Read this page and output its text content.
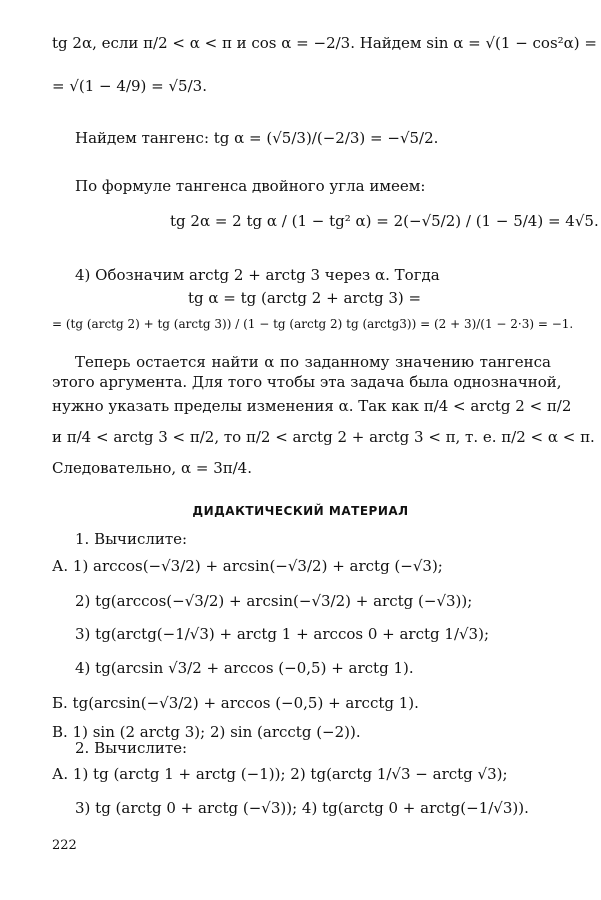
tg 2α, если π/2 < α < π и cos α = −2/3. Найдем sin α = √(1 − cos²α) =
= √(1 − 4/9) = √5/3.
Найдем тангенс: tg α = (√5/3)/(−2/3) = −√5/2.
По формуле тангенса двойного угла имеем:
tg 2α = 2 tg α / (1 − tg² α) = 2(−√5/2) / (1 − 5/4) = 4√5.
4) Обозначим arctg 2 + arctg 3 через α. Тогда
tg α = tg (arctg 2 + arctg 3) =
= (tg (arctg 2) + tg (arctg 3)) / (1 − tg (arctg 2) tg (arctg3)) = (2 + 3)/(1 − 2·3) = −1.
Теперь остается найти α по заданному значению тангенса
этого аргумента. Для того чтобы эта задача была однозначной,
нужно указать пределы изменения α. Так как π/4 < arctg 2 < π/2
и π/4 < arctg 3 < π/2, то π/2 < arctg 2 + arctg 3 < π, т. е. π/2 < α < π.
Следовательно, α = 3π/4.
ДИДАКТИЧЕСКИЙ МАТЕРИАЛ
1. Вычислите:
А. 1) arccos(−√3/2) + arcsin(−√3/2) + arctg (−√3);
2) tg(arccos(−√3/2) + arcsin(−√3/2) + arctg (−√3));
3) tg(arctg(−1/√3) + arctg 1 + arccos 0 + arctg 1/√3);
4) tg(arcsin √3/2 + arccos (−0,5) + arctg 1).
Б. tg(arcsin(−√3/2) + arccos (−0,5) + arcctg 1).
В. 1) sin (2 arctg 3); 2) sin (arcctg (−2)).
2. Вычислите:
А. 1) tg (arctg 1 + arctg (−1)); 2) tg(arctg 1/√3 − arctg √3);
3) tg (arctg 0 + arctg (−√3)); 4) tg(arctg 0 + arctg(−1/√3)).
222
